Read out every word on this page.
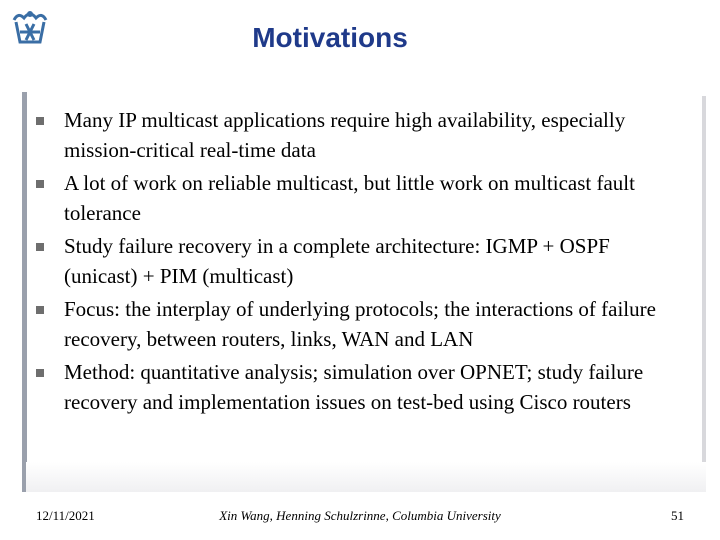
Motivations
Many IP multicast applications require high availability, especially mission-critical real-time data
A lot of work on reliable multicast, but little work on multicast fault tolerance
Study failure recovery in a complete architecture: IGMP + OSPF (unicast) + PIM (multicast)
Focus: the interplay of underlying protocols; the interactions of failure recovery, between routers, links, WAN and LAN
Method: quantitative analysis; simulation over OPNET; study failure recovery and implementation issues on test-bed using Cisco routers
12/11/2021	Xin Wang, Henning Schulzrinne, Columbia University	51
